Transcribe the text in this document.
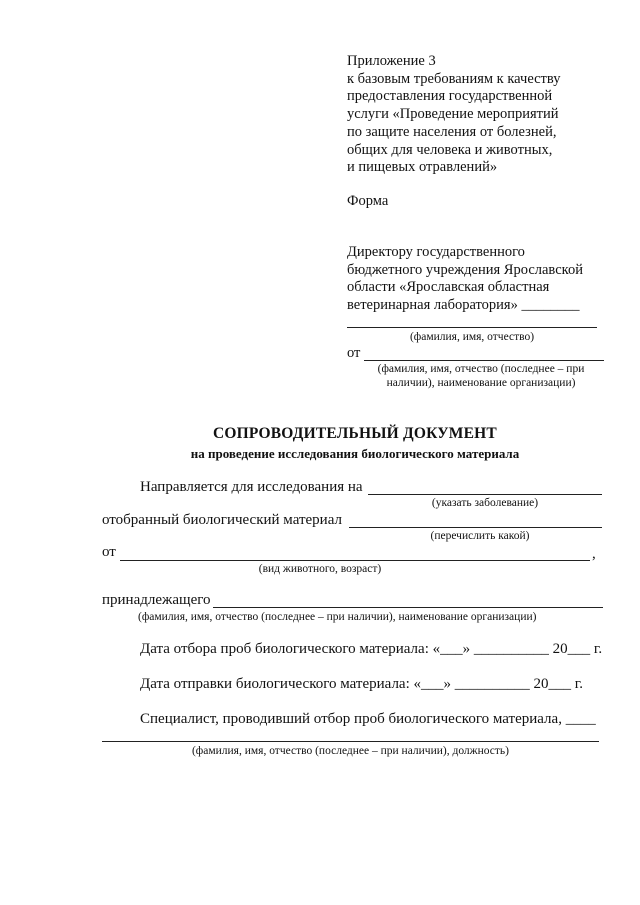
Приложение 3
к базовым требованиям к качеству
предоставления государственной
услуги «Проведение мероприятий
по защите населения от болезней,
общих для человека и животных,
и пищевых отравлений»
Форма
Директору государственного
бюджетного учреждения Ярославской
области «Ярославская областная
ветеринарная лаборатория» ________
(фамилия, имя, отчество)
от
(фамилия, имя, отчество (последнее – при
наличии), наименование организации)
СОПРОВОДИТЕЛЬНЫЙ ДОКУМЕНТ
на проведение исследования биологического материала
Направляется для исследования на
(указать заболевание)
отобранный биологический материал
(перечислить какой)
от	,
(вид животного, возраст)
принадлежащего
(фамилия, имя, отчество (последнее – при наличии), наименование организации)
Дата отбора проб биологического материала: «___» __________ 20___ г.
Дата отправки биологического материала: «___» __________ 20___ г.
Специалист, проводивший отбор проб биологического материала, ____
(фамилия, имя, отчество (последнее – при наличии), должность)
